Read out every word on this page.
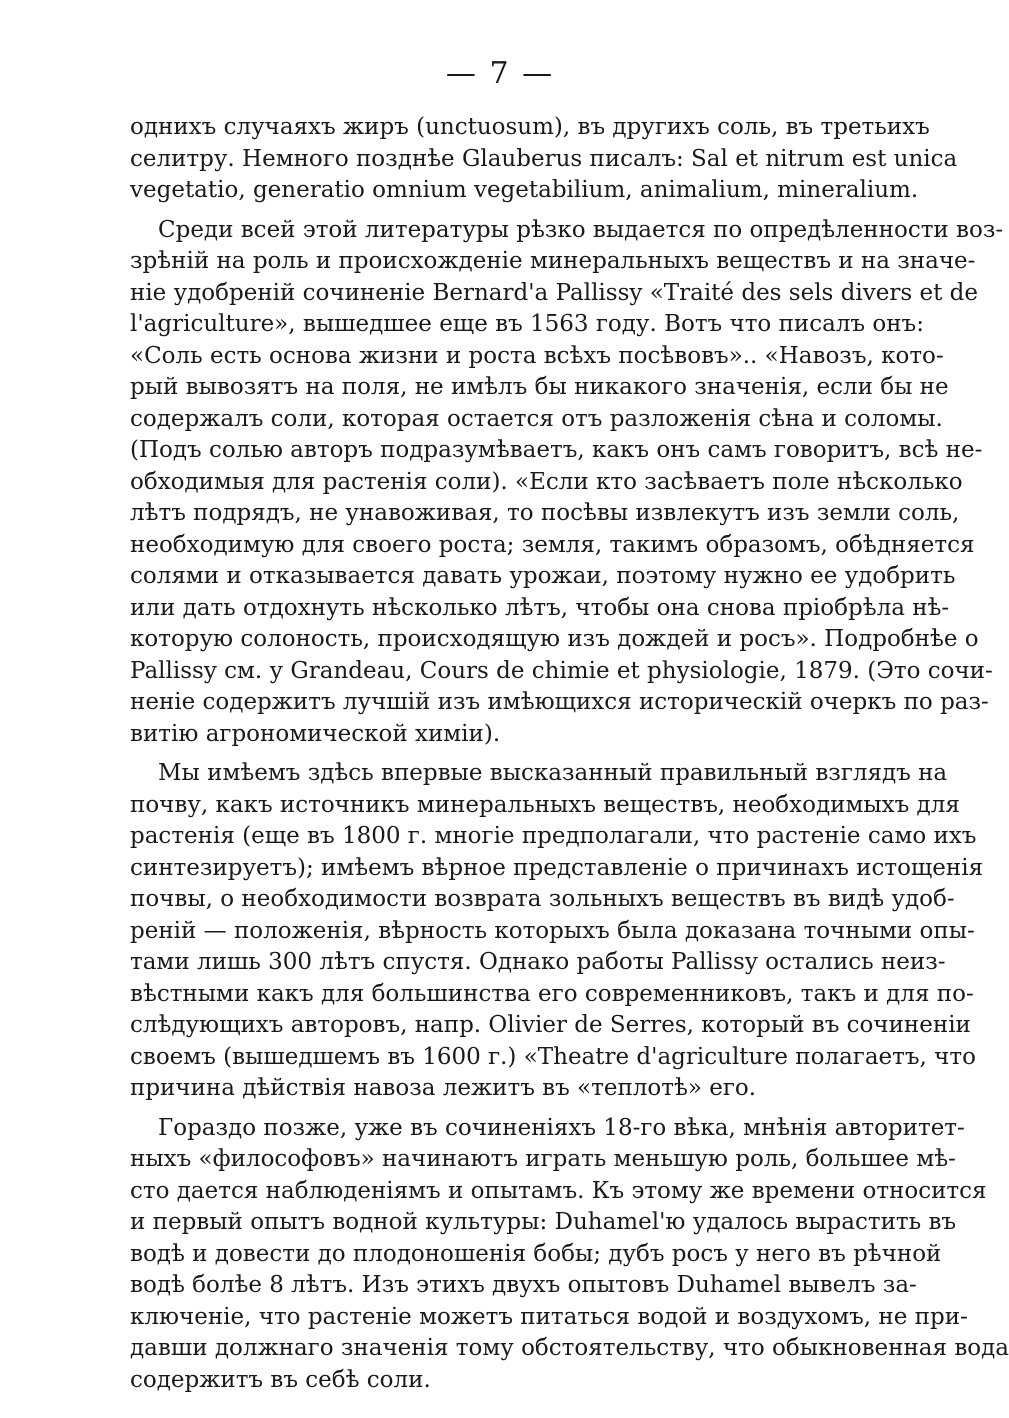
— 7 —
однихъ случаяхъ жиръ (unctuosum), въ другихъ соль, въ третьихъ
селитру. Немного позднѣе Glauberus писалъ: Sal et nitrum est unica
vegetatio, generatio omnium vegetabilium, animalium, mineralium.
Среди всей этой литературы рѣзко выдается по опредѣленности воз-
зрѣній на роль и происхожденіе минеральныхъ веществъ и на значе-
ніе удобреній сочиненіе Bernard'a Pallissy «Traité des sels divers et de
l'agriculture», вышедшее еще въ 1563 году. Вотъ что писалъ онъ:
«Соль есть основа жизни и роста всѣхъ посѣвовъ».. «Навозъ, кото-
рый вывозятъ на поля, не имѣлъ бы никакого значенія, если бы не
содержалъ соли, которая остается отъ разложенія сѣна и соломы.
(Подъ солью авторъ подразумѣваетъ, какъ онъ самъ говоритъ, всѣ не-
обходимыя для растенія соли). «Если кто засѣваетъ поле нѣсколько
лѣтъ подрядъ, не унавоживая, то посѣвы извлекутъ изъ земли соль,
необходимую для своего роста; земля, такимъ образомъ, обѣдняется
солями и отказывается давать урожаи, поэтому нужно ее удобрить
или дать отдохнуть нѣсколько лѣтъ, чтобы она снова пріобрѣла нѣ-
которую солоность, происходящую изъ дождей и росъ». Подробнѣе о
Pallissy см. у Grandeau, Cours de chimie et physiologie, 1879. (Это сочи-
неніе содержитъ лучшій изъ имѣющихся историческій очеркъ по раз-
витію агрономической химіи).
Мы имѣемъ здѣсь впервые высказанный правильный взглядъ на
почву, какъ источникъ минеральныхъ веществъ, необходимыхъ для
растенія (еще въ 1800 г. многіе предполагали, что растеніе само ихъ
синтезируетъ); имѣемъ вѣрное представленіе о причинахъ истощенія
почвы, о необходимости возврата зольныхъ веществъ въ видѣ удоб-
реній — положенія, вѣрность которыхъ была доказана точными опы-
тами лишь 300 лѣтъ спустя. Однако работы Pallissy остались неиз-
вѣстными какъ для большинства его современниковъ, такъ и для по-
слѣдующихъ авторовъ, напр. Olivier de Serres, который въ сочиненіи
своемъ (вышедшемъ въ 1600 г.) «Theatre d'agriculture полагаетъ, что
причина дѣйствія навоза лежитъ въ «теплотѣ» его.
Гораздо позже, уже въ сочиненіяхъ 18-го вѣка, мнѣнія авторитет-
ныхъ «философовъ» начинаютъ играть меньшую роль, большее мѣ-
сто дается наблюденіямъ и опытамъ. Къ этому же времени относится
и первый опытъ водной культуры: Duhamel'ю удалось вырастить въ
водѣ и довести до плодоношенія бобы; дубъ росъ у него въ рѣчной
водѣ болѣе 8 лѣтъ. Изъ этихъ двухъ опытовъ Duhamel вывелъ за-
ключеніе, что растеніе можетъ питаться водой и воздухомъ, не при-
давши должнаго значенія тому обстоятельству, что обыкновенная вода
содержитъ въ себѣ соли.
